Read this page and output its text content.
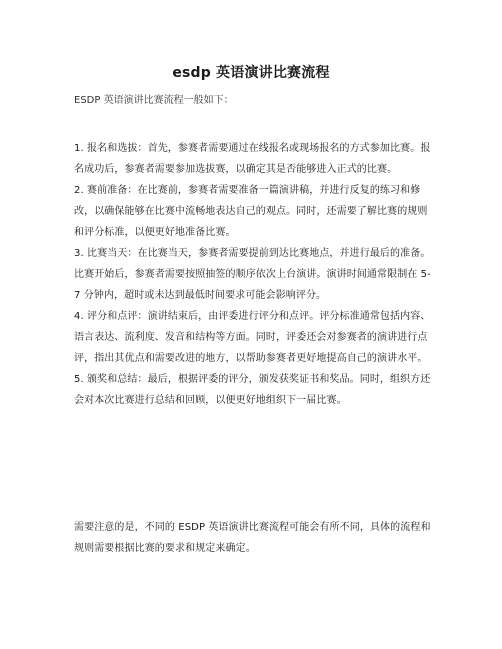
esdp 英语演讲比赛流程
ESDP 英语演讲比赛流程一般如下：

1. 报名和选拔：首先，参赛者需要通过在线报名或现场报名的方式参加比赛。报名成功后，参赛者需要参加选拔赛，以确定其是否能够进入正式的比赛。

2. 赛前准备：在比赛前，参赛者需要准备一篇演讲稿，并进行反复的练习和修改，以确保能够在比赛中流畅地表达自己的观点。同时，还需要了解比赛的规则和评分标准，以便更好地准备比赛。

3. 比赛当天：在比赛当天，参赛者需要提前到达比赛地点，并进行最后的准备。比赛开始后，参赛者需要按照抽签的顺序依次上台演讲。演讲时间通常限制在 5-7 分钟内，超时或未达到最低时间要求可能会影响评分。

4. 评分和点评：演讲结束后，由评委进行评分和点评。评分标准通常包括内容、语言表达、流利度、发音和结构等方面。同时，评委还会对参赛者的演讲进行点评，指出其优点和需要改进的地方，以帮助参赛者更好地提高自己的演讲水平。

5. 颁奖和总结：最后，根据评委的评分，颁发获奖证书和奖品。同时，组织方还会对本次比赛进行总结和回顾，以便更好地组织下一届比赛。

需要注意的是，不同的 ESDP 英语演讲比赛流程可能会有所不同，具体的流程和规则需要根据比赛的要求和规定来确定。
